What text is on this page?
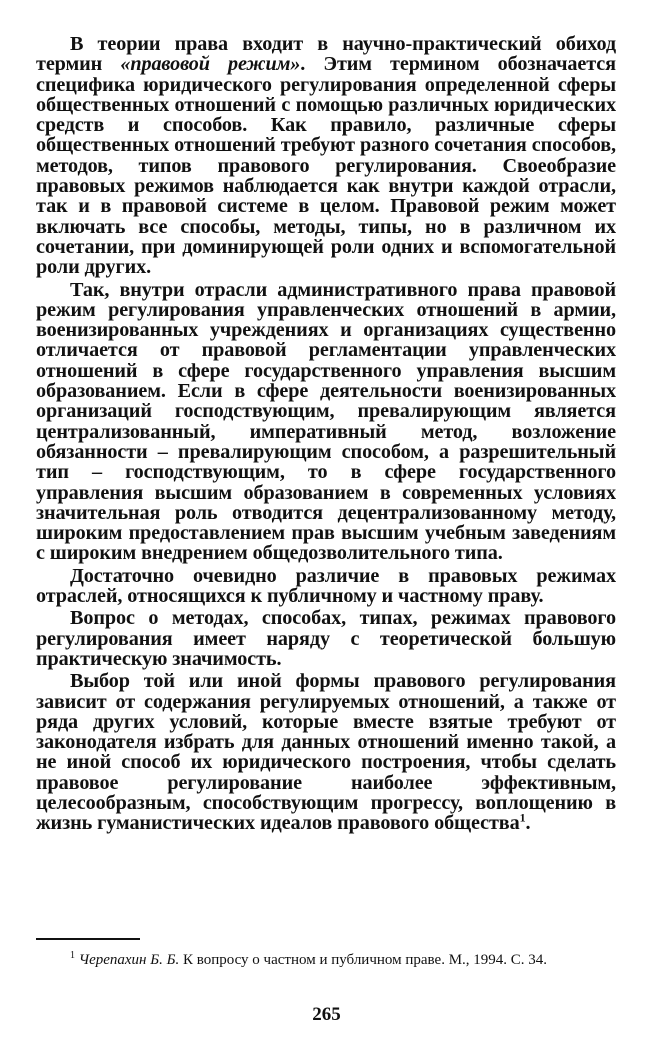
В теории права входит в научно-практический обиход термин «правовой режим». Этим термином обозначается специфика юридического регулирования определенной сферы общественных отношений с помощью различных юридических средств и способов. Как правило, различные сферы общественных отношений требуют разного сочетания способов, методов, типов правового регулирования. Своеобразие правовых режимов наблюдается как внутри каждой отрасли, так и в правовой системе в целом. Правовой режим может включать все способы, методы, типы, но в различном их сочетании, при доминирующей роли одних и вспомогательной роли других.

Так, внутри отрасли административного права правовой режим регулирования управленческих отношений в армии, военизированных учреждениях и организациях существенно отличается от правовой регламентации управленческих отношений в сфере государственного управления высшим образованием. Если в сфере деятельности военизированных организаций господствующим, превалирующим является централизованный, императивный метод, возложение обязанности – превалирующим способом, а разрешительный тип – господствующим, то в сфере государственного управления высшим образованием в современных условиях значительная роль отводится децентрализованному методу, широким предоставлением прав высшим учебным заведениям с широким внедрением общедозволительного типа.

Достаточно очевидно различие в правовых режимах отраслей, относящихся к публичному и частному праву.

Вопрос о методах, способах, типах, режимах правового регулирования имеет наряду с теоретической большую практическую значимость.

Выбор той или иной формы правового регулирования зависит от содержания регулируемых отношений, а также от ряда других условий, которые вместе взятые требуют от законодателя избрать для данных отношений именно такой, а не иной способ их юридического построения, чтобы сделать правовое регулирование наиболее эффективным, целесообразным, способствующим прогрессу, воплощению в жизнь гуманистических идеалов правового общества$^1$.

$^1$ Черепахин Б. Б. К вопросу о частном и публичном праве. М., 1994. С. 34.

265
